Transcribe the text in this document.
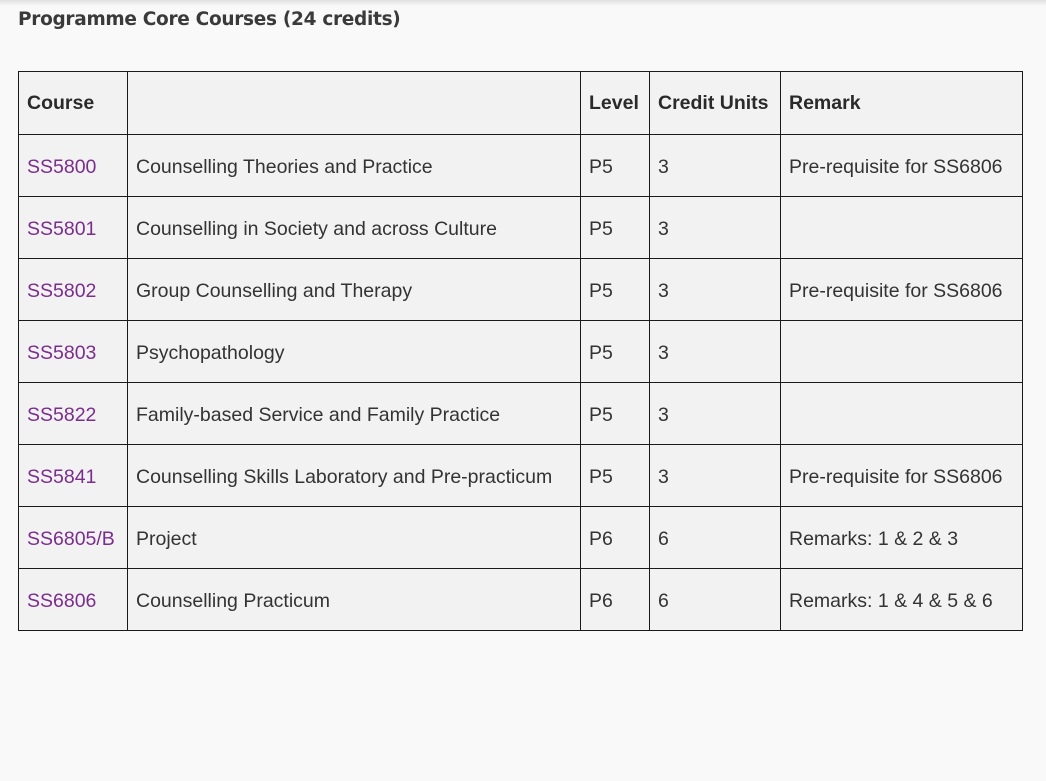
Programme Core Courses (24 credits)
Course		Level	Credit Units	Remark
SS5800	Counselling Theories and Practice	P5	3	Pre-requisite for SS6806
SS5801	Counselling in Society and across Culture	P5	3	
SS5802	Group Counselling and Therapy	P5	3	Pre-requisite for SS6806
SS5803	Psychopathology	P5	3	
SS5822	Family-based Service and Family Practice	P5	3	
SS5841	Counselling Skills Laboratory and Pre-practicum	P5	3	Pre-requisite for SS6806
SS6805/B	Project	P6	6	Remarks: 1 & 2 & 3
SS6806	Counselling Practicum	P6	6	Remarks: 1 & 4 & 5 & 6
